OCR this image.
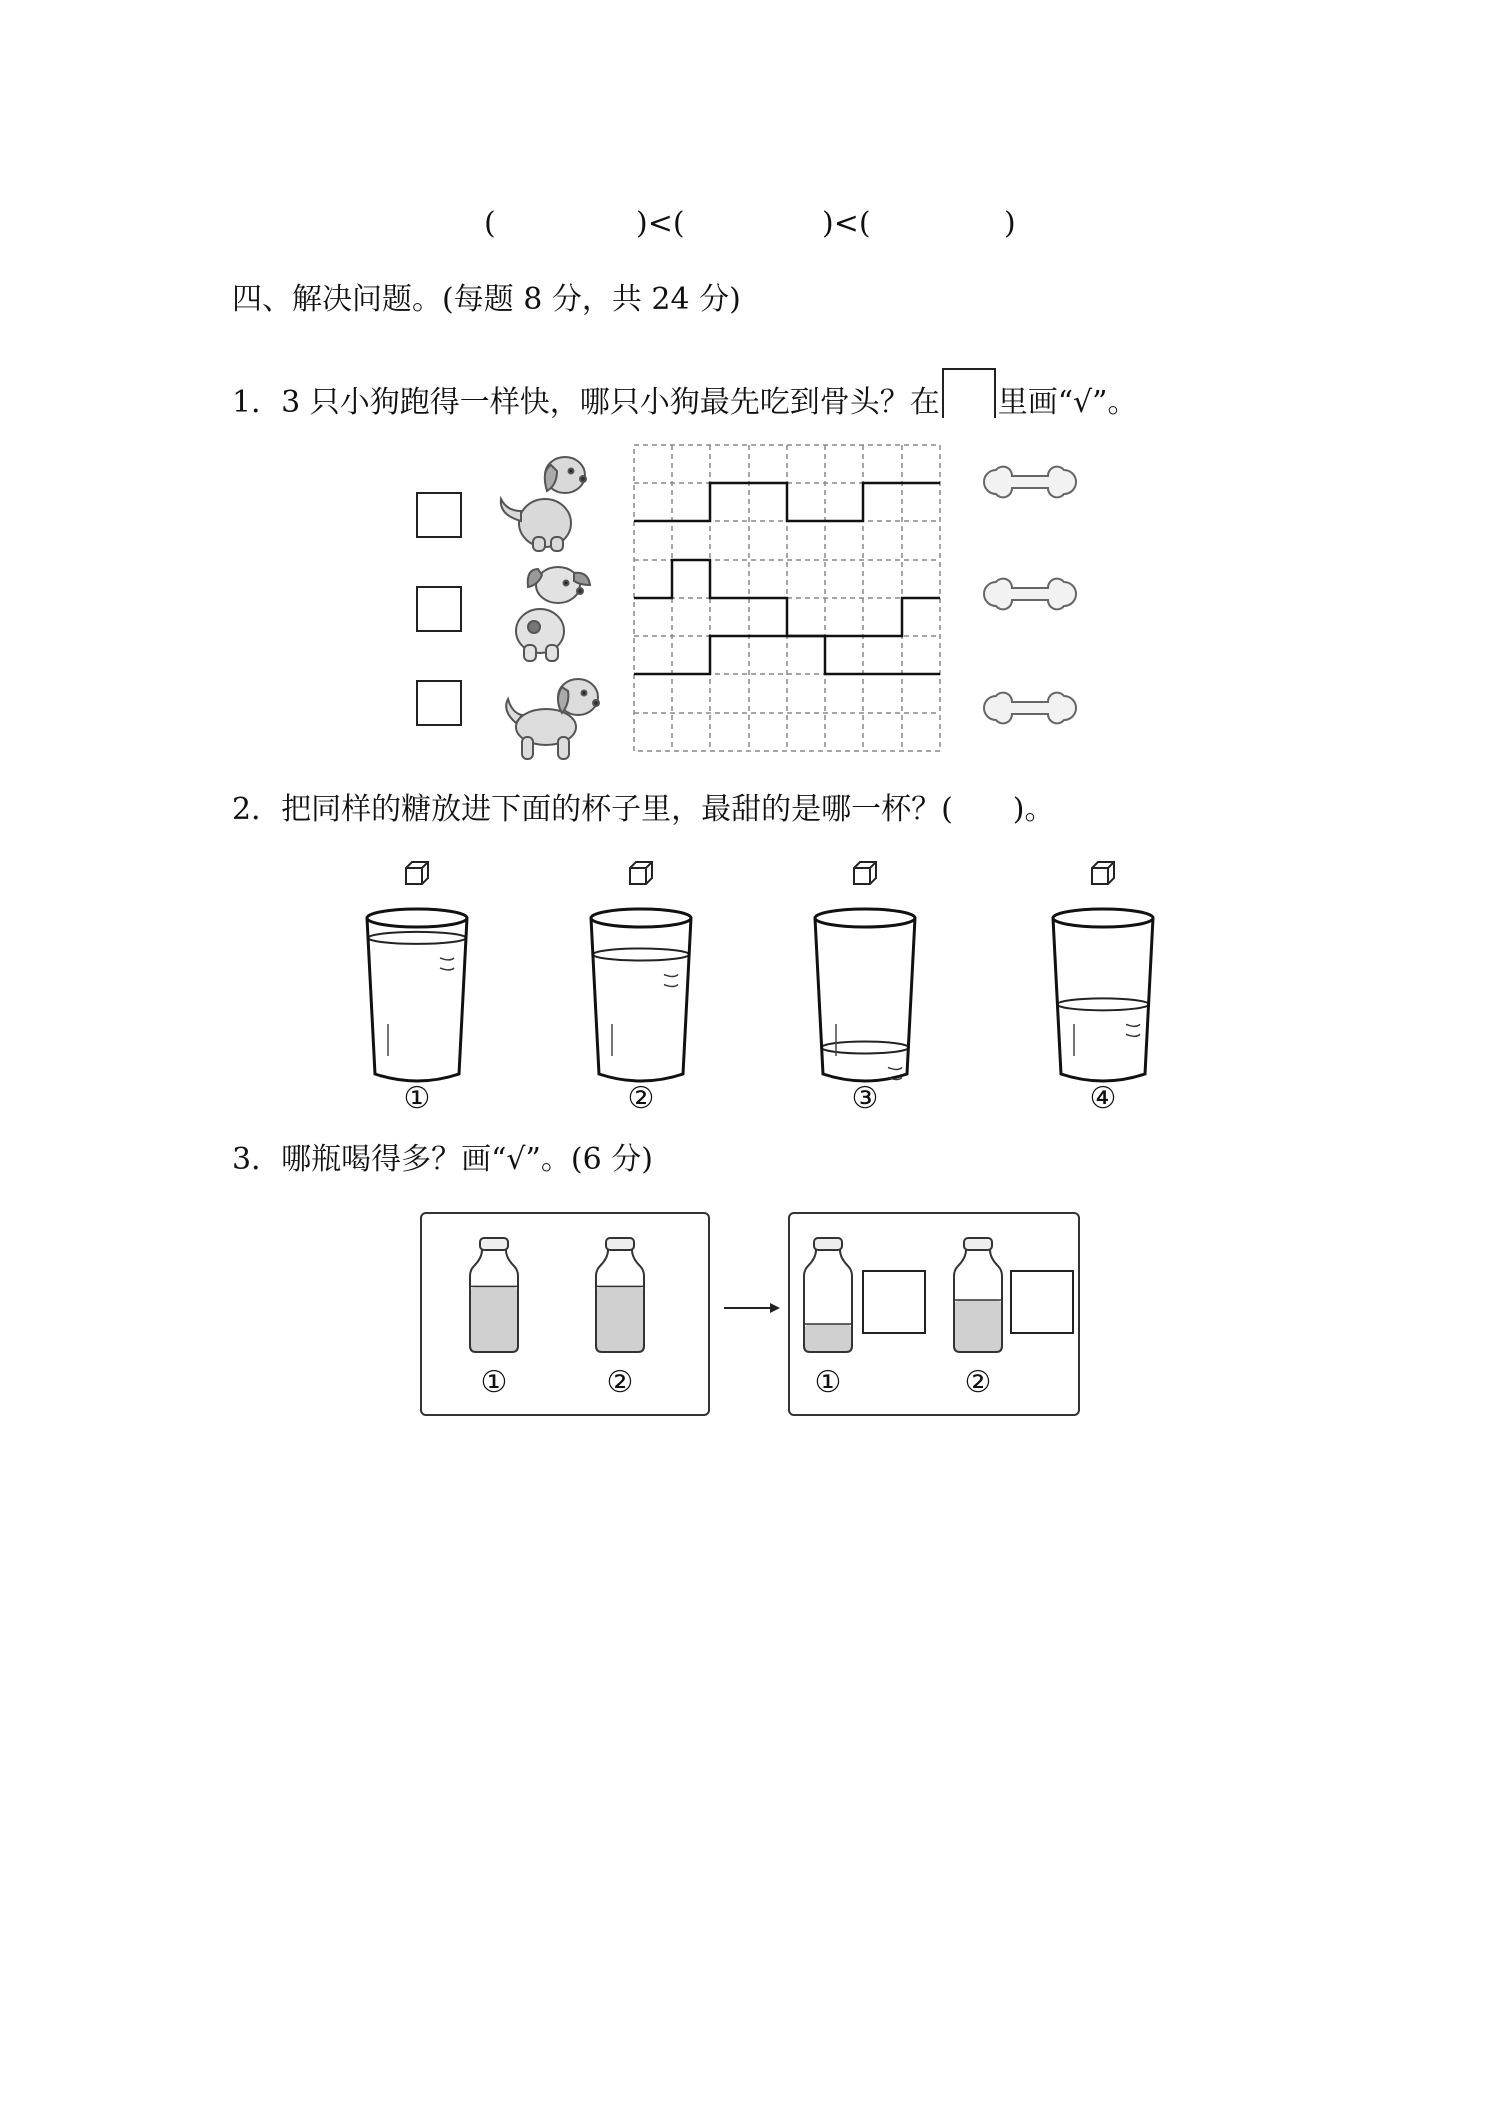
(	)<(	)<(	)
四、解决问题。(每题 8 分，共 24 分)
1．3 只小狗跑得一样快，哪只小狗最先吃到骨头？在 里画“√”。
2．把同样的糖放进下面的杯子里，最甜的是哪一杯？(　　)。
①	②	③	④
3．哪瓶喝得多？画“√”。(6 分)
①	②	①	②
